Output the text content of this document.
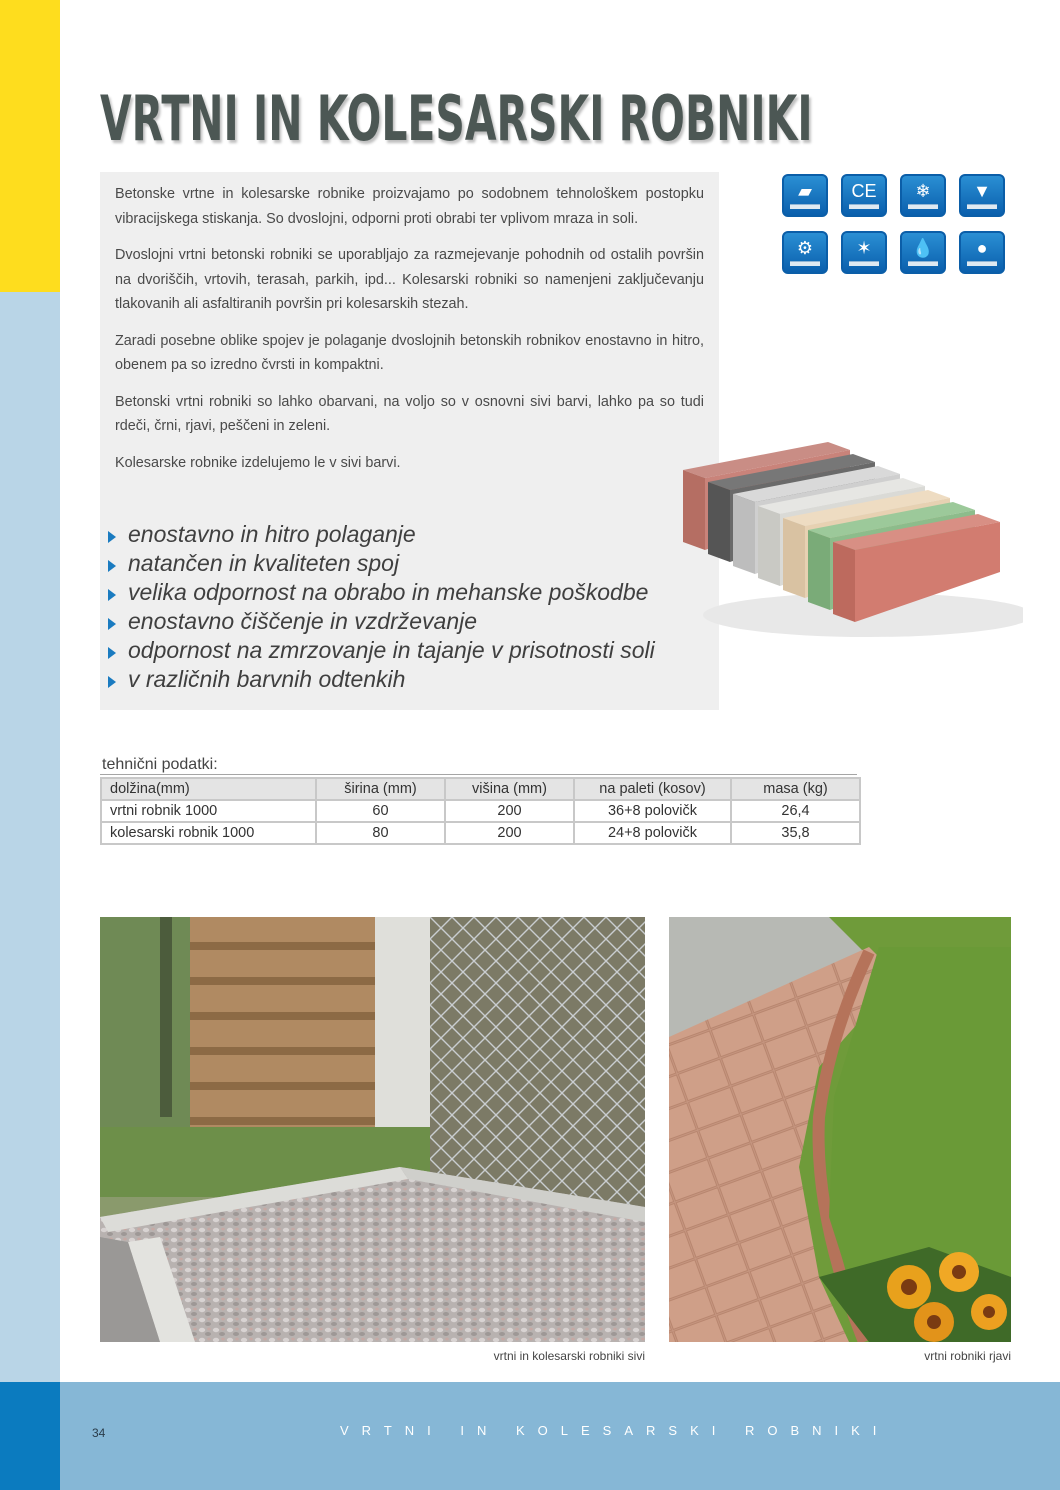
VRTNI IN KOLESARSKI ROBNIKI

Betonske vrtne in kolesarske robnike proizvajamo po sodobnem tehnološkem postopku vibracijskega stiskanja. So dvoslojni, odporni proti obrabi ter vplivom mraza in soli.

Dvoslojni vrtni betonski robniki se uporabljajo za razmejevanje pohodnih od ostalih površin na dvoriščih, vrtovih, terasah, parkih, ipd... Kolesarski robniki so namenjeni zaključevanju tlakovanih ali asfaltiranih površin pri kolesarskih stezah.

Zaradi posebne oblike spojev je polaganje dvoslojnih betonskih robnikov enostavno in hitro, obenem pa so izredno čvrsti in kompaktni.

Betonski vrtni robniki so lahko obarvani, na voljo so v osnovni sivi barvi, lahko pa so tudi rdeči, črni, rjavi, peščeni in zeleni.

Kolesarske robnike izdelujemo le v sivi barvi.

enostavno in hitro polaganje
natančen in kvaliteten spoj
velika odpornost na obrabo in mehanske poškodbe
enostavno čiščenje in vzdrževanje
odpornost na zmrzovanje in tajanje v prisotnosti soli
v različnih barvnih odtenkih
▰ CE ❄ ▼
⚙ ✶ 💧 ●
tehnični podatki:
dolžina(mm)	širina (mm)	višina (mm)	na paleti (kosov)	masa (kg)
vrtni robnik 1000	60	200	36+8 polovičk	26,4
kolesarski robnik 1000	80	200	24+8 polovičk	35,8
vrtni in kolesarski robniki sivi	vrtni robniki rjavi
34	VRTNI IN KOLESARSKI ROBNIKI
